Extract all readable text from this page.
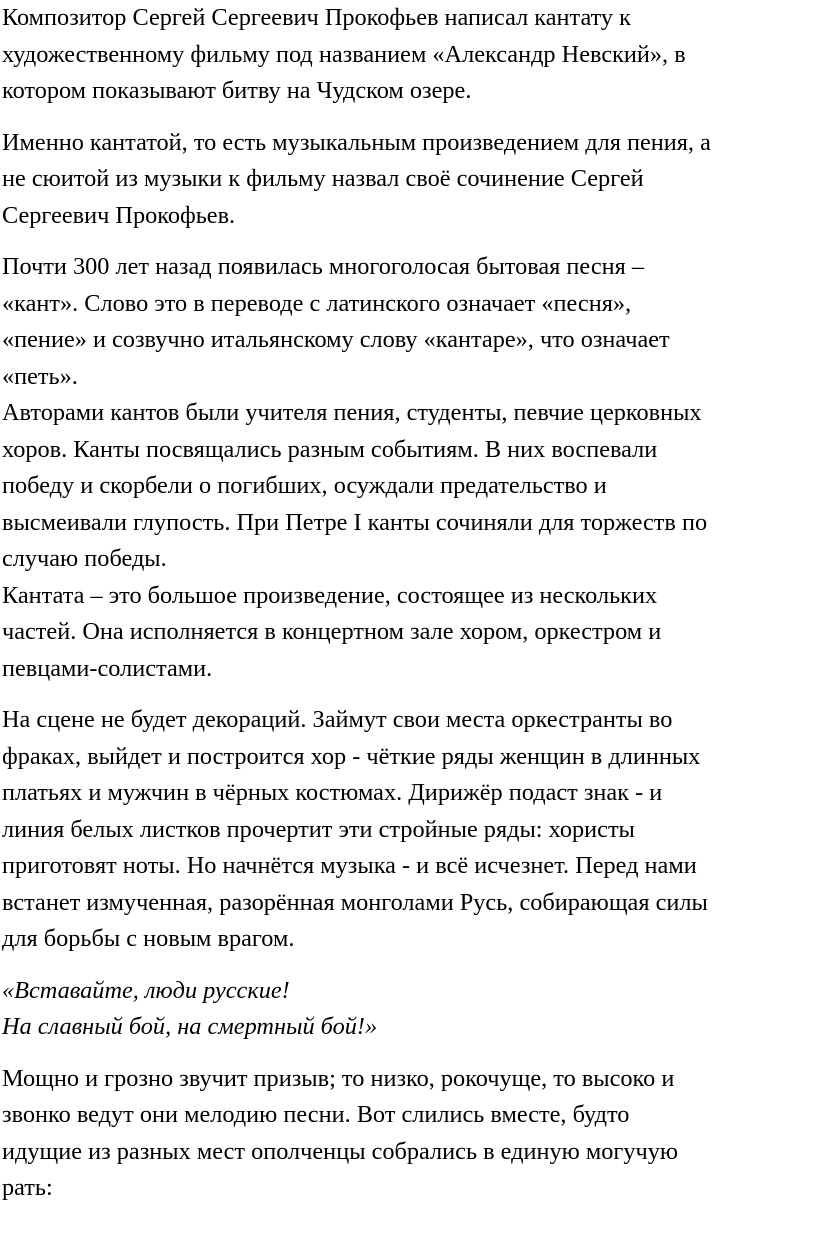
Композитор Сергей Сергеевич Прокофьев написал кантату к
художественному фильму под названием «Александр Невский», в
котором показывают битву на Чудском озере.
Именно кантатой, то есть музыкальным произведением для пения, а
не сюитой из музыки к фильму назвал своё сочинение Сергей
Сергеевич Прокофьев.
Почти 300 лет назад появилась многоголосая бытовая песня –
«кант». Слово это в переводе с латинского означает «песня»,
«пение» и созвучно итальянскому слову «кантаре», что означает
«петь».
Авторами кантов были учителя пения, студенты, певчие церковных
хоров. Канты посвящались разным событиям. В них воспевали
победу и скорбели о погибших, осуждали предательство и
высмеивали глупость. При Петре I канты сочиняли для торжеств по
случаю победы.
Кантата – это большое произведение, состоящее из нескольких
частей. Она исполняется в концертном зале хором, оркестром и
певцами-солистами.
На сцене не будет декораций. Займут свои места оркестранты во
фраках, выйдет и построится хор - чёткие ряды женщин в длинных
платьях и мужчин в чёрных костюмах. Дирижёр подаст знак - и
линия белых листков прочертит эти стройные ряды: хористы
приготовят ноты. Но начнётся музыка - и всё исчезнет. Перед нами
встанет измученная, разорённая монголами Русь, собирающая силы
для борьбы с новым врагом.
«Вставайте, люди русские!
На славный бой, на смертный бой!»
Мощно и грозно звучит призыв; то низко, рокочуще, то высоко и
звонко ведут они мелодию песни. Вот слились вместе, будто
идущие из разных мест ополченцы собрались в единую могучую
рать:
